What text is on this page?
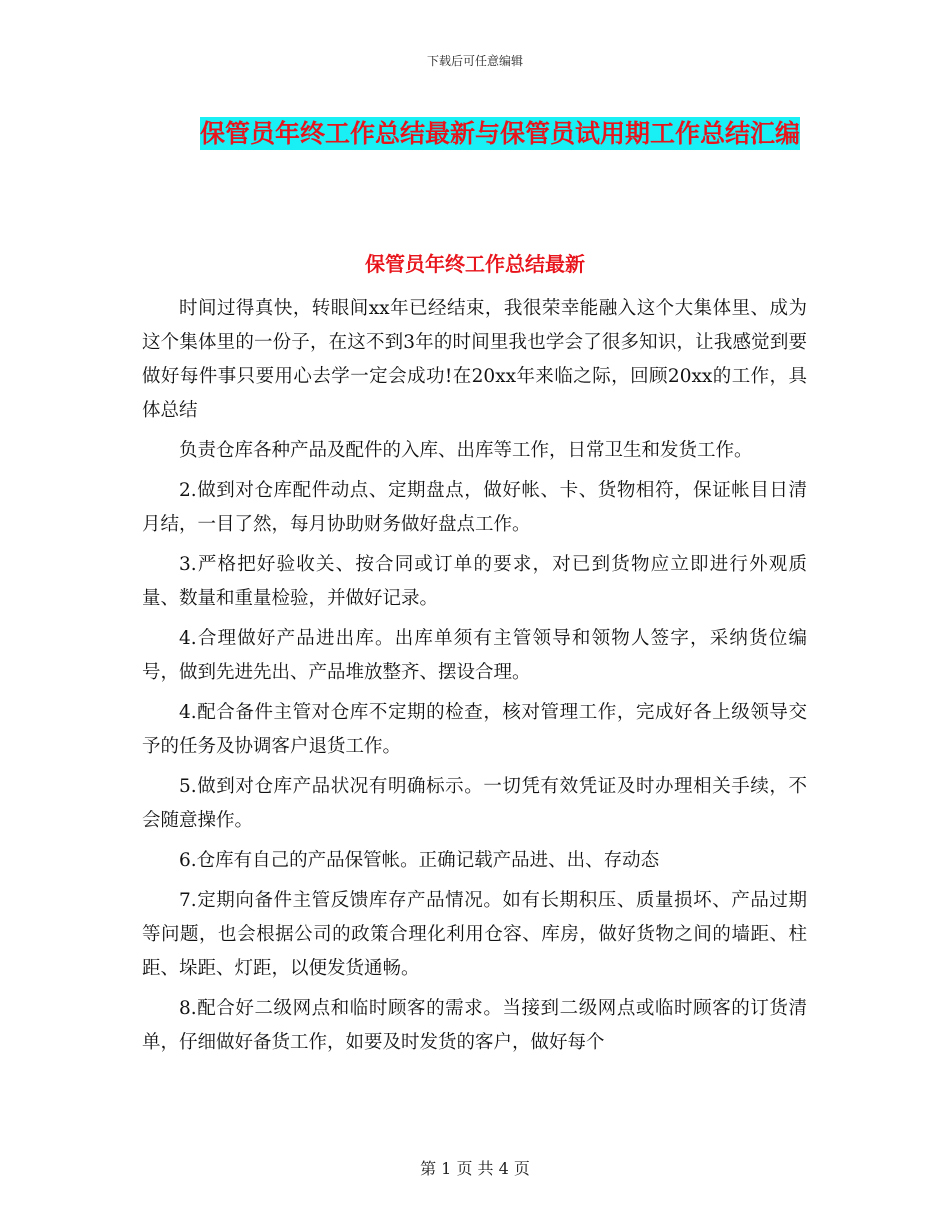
下载后可任意编辑
保管员年终工作总结最新与保管员试用期工作总结汇编
保管员年终工作总结最新

时间过得真快，转眼间xx年已经结束，我很荣幸能融入这个大集体里、成为这个集体里的一份子，在这不到3年的时间里我也学会了很多知识，让我感觉到要做好每件事只要用心去学一定会成功!在20xx年来临之际，回顾20xx的工作，具体总结

负责仓库各种产品及配件的入库、出库等工作，日常卫生和发货工作。

2.做到对仓库配件动点、定期盘点，做好帐、卡、货物相符，保证帐目日清月结，一目了然，每月协助财务做好盘点工作。

3.严格把好验收关、按合同或订单的要求，对已到货物应立即进行外观质量、数量和重量检验，并做好记录。

4.合理做好产品进出库。出库单须有主管领导和领物人签字，采纳货位编号，做到先进先出、产品堆放整齐、摆设合理。

4.配合备件主管对仓库不定期的检查，核对管理工作，完成好各上级领导交予的任务及协调客户退货工作。

5.做到对仓库产品状况有明确标示。一切凭有效凭证及时办理相关手续，不会随意操作。

6.仓库有自己的产品保管帐。正确记载产品进、出、存动态

7.定期向备件主管反馈库存产品情况。如有长期积压、质量损坏、产品过期等问题，也会根据公司的政策合理化利用仓容、库房，做好货物之间的墙距、柱距、垛距、灯距，以便发货通畅。

8.配合好二级网点和临时顾客的需求。当接到二级网点或临时顾客的订货清单，仔细做好备货工作，如要及时发货的客户，做好每个

第 1 页 共 4 页
